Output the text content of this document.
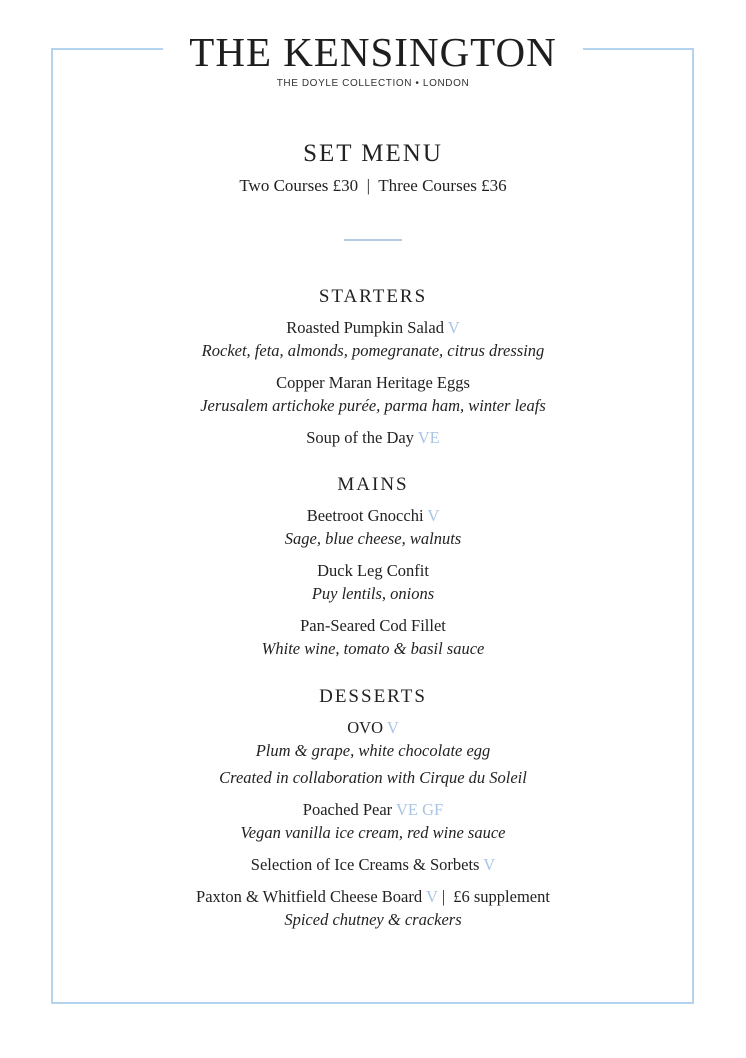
THE KENSINGTON
THE DOYLE COLLECTION • LONDON
SET MENU
Two Courses £30  |  Three Courses £36
STARTERS
Roasted Pumpkin Salad V
Rocket, feta, almonds, pomegranate, citrus dressing
Copper Maran Heritage Eggs
Jerusalem artichoke purée, parma ham, winter leafs
Soup of the Day VE
MAINS
Beetroot Gnocchi V
Sage, blue cheese, walnuts
Duck Leg Confit
Puy lentils, onions
Pan-Seared Cod Fillet
White wine, tomato & basil sauce
DESSERTS
OVO V
Plum & grape, white chocolate egg
Created in collaboration with Cirque du Soleil
Poached Pear VE GF
Vegan vanilla ice cream, red wine sauce
Selection of Ice Creams & Sorbets V
Paxton & Whitfield Cheese Board V |  £6 supplement
Spiced chutney & crackers
